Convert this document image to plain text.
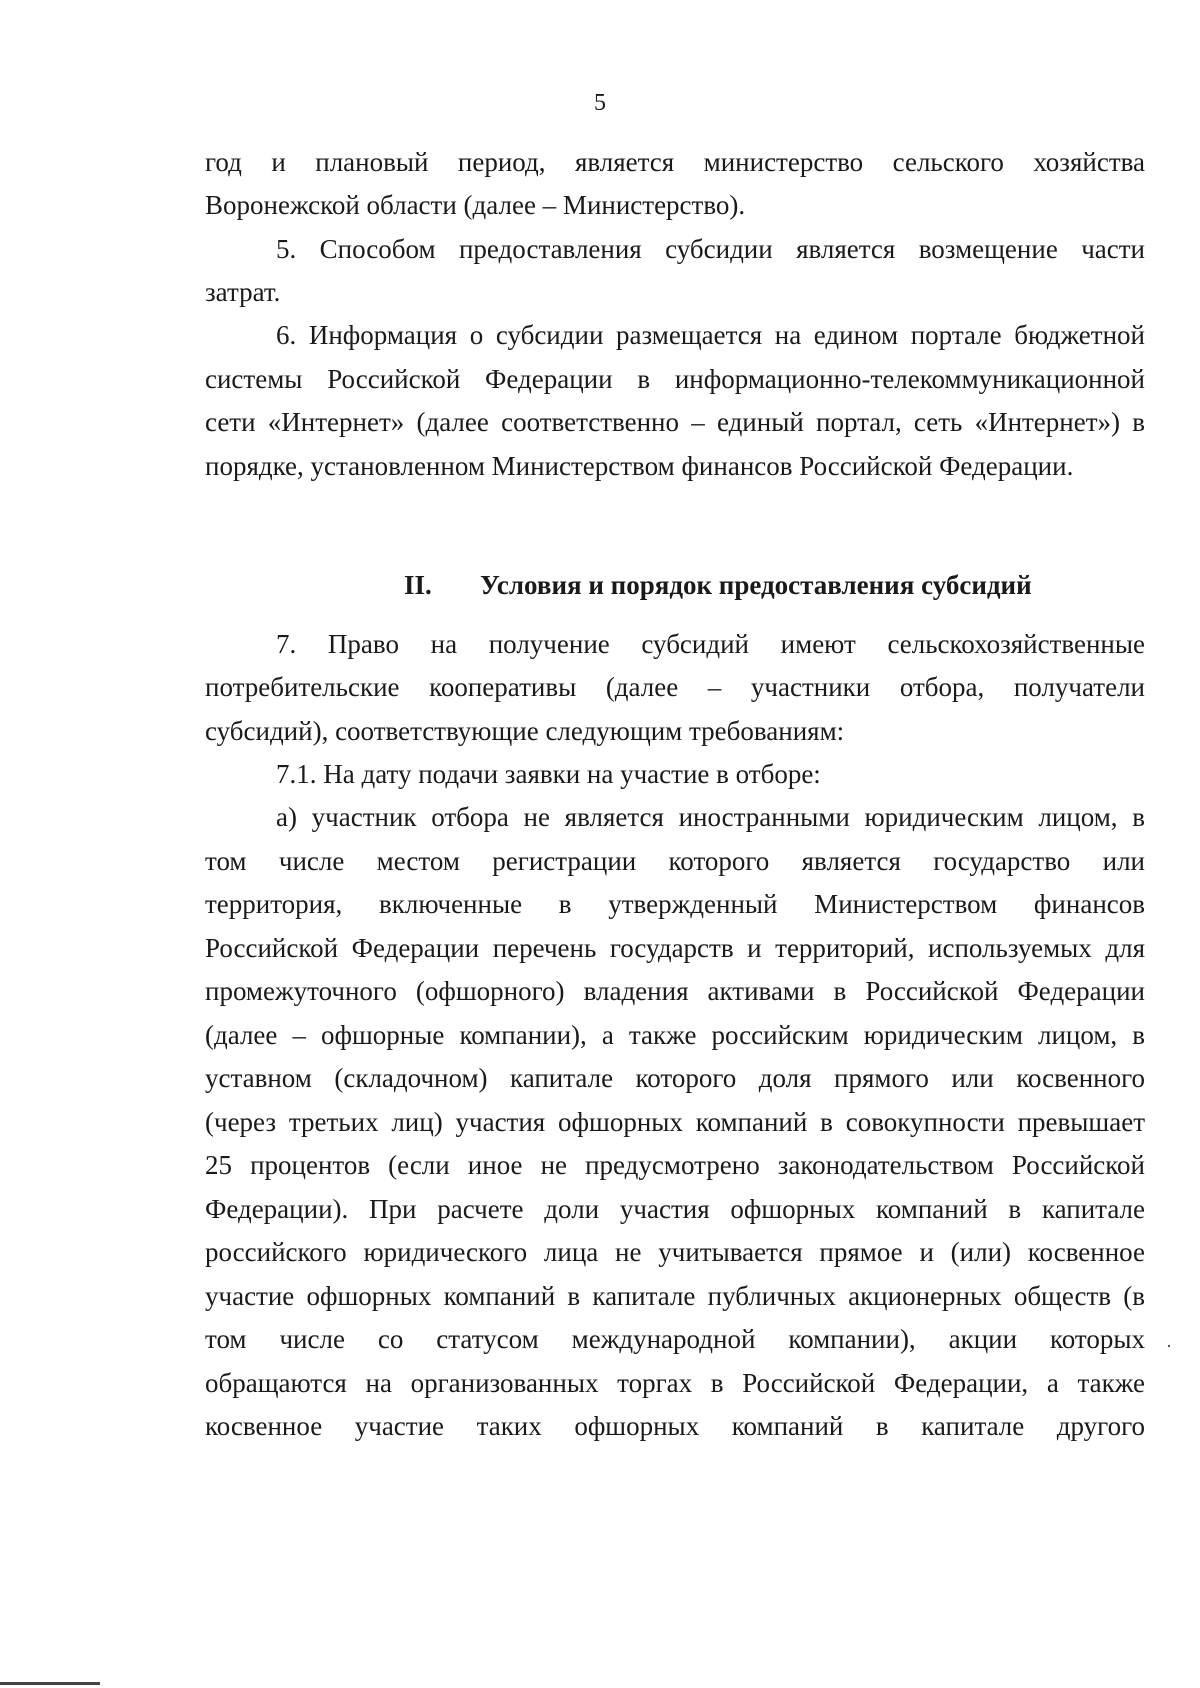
5
год и плановый период, является министерство сельского хозяйства
Воронежской области (далее – Министерство).
5. Способом предоставления субсидии является возмещение части
затрат.
6. Информация о субсидии размещается на едином портале бюджетной
системы Российской Федерации в информационно-телекоммуникационной
сети «Интернет» (далее соответственно – единый портал, сеть «Интернет») в
порядке, установленном Министерством финансов Российской Федерации.
II. Условия и порядок предоставления субсидий
7. Право на получение субсидий имеют сельскохозяйственные
потребительские кооперативы (далее – участники отбора, получатели
субсидий), соответствующие следующим требованиям:
7.1. На дату подачи заявки на участие в отборе:
а) участник отбора не является иностранными юридическим лицом, в
том числе местом регистрации которого является государство или
территория, включенные в утвержденный Министерством финансов
Российской Федерации перечень государств и территорий, используемых для
промежуточного (офшорного) владения активами в Российской Федерации
(далее – офшорные компании), а также российским юридическим лицом, в
уставном (складочном) капитале которого доля прямого или косвенного
(через третьих лиц) участия офшорных компаний в совокупности превышает
25 процентов (если иное не предусмотрено законодательством Российской
Федерации). При расчете доли участия офшорных компаний в капитале
российского юридического лица не учитывается прямое и (или) косвенное
участие офшорных компаний в капитале публичных акционерных обществ (в
том числе со статусом международной компании), акции которых
обращаются на организованных торгах в Российской Федерации, а также
косвенное участие таких офшорных компаний в капитале другого
